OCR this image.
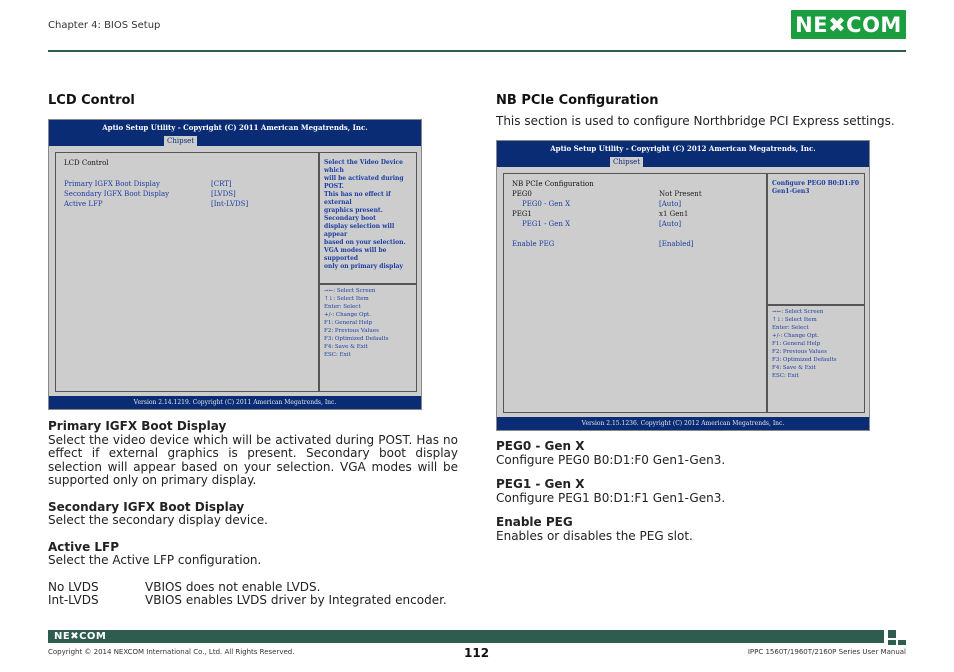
Chapter 4: BIOS Setup	NE✖COM
LCD Control
Aptio Setup Utility - Copyright (C) 2011 American Megatrends, Inc.
Chipset
LCD Control
Primary IGFX Boot Display	[CRT]
Secondary IGFX Boot Display	[LVDS]
Active LFP	[Int-LVDS]
Select the Video Device which
will be activated during POST.
This has no effect if external
graphics present. Secondary boot
display selection will appear
based on your selection.
VGA modes will be supported
only on primary display
→←: Select Screen
↑↓: Select Item
Enter: Select
+/-: Change Opt.
F1: General Help
F2: Previous Values
F3: Optimized Defaults
F4: Save & Exit
ESC: Exit
Version 2.14.1219. Copyright (C) 2011 American Megatrends, Inc.
Primary IGFX Boot Display
Select the video device which will be activated during POST. Has no effect if external graphics is present. Secondary boot display selection will appear based on your selection. VGA modes will be supported only on primary display.
Secondary IGFX Boot Display
Select the secondary display device.
Active LFP
Select the Active LFP configuration.
No LVDS	VBIOS does not enable LVDS.
Int-LVDS	VBIOS enables LVDS driver by Integrated encoder.
NB PCIe Configuration
This section is used to configure Northbridge PCI Express settings.
Aptio Setup Utility - Copyright (C) 2012 American Megatrends, Inc.
Chipset
NB PCIe Configuration
PEG0	Not Present
PEG0 - Gen X	[Auto]
PEG1	x1 Gen1
PEG1 - Gen X	[Auto]
Enable PEG	[Enabled]
Configure PEG0 B0:D1:F0
Gen1-Gen3
→←: Select Screen
↑↓: Select Item
Enter: Select
+/-: Change Opt.
F1: General Help
F2: Previous Values
F3: Optimized Defaults
F4: Save & Exit
ESC: Exit
Version 2.15.1236. Copyright (C) 2012 American Megatrends, Inc.
PEG0 - Gen X
Configure PEG0 B0:D1:F0 Gen1-Gen3.
PEG1 - Gen X
Configure PEG1 B0:D1:F1 Gen1-Gen3.
Enable PEG
Enables or disables the PEG slot.
NE✖COM
Copyright © 2014 NEXCOM International Co., Ltd. All Rights Reserved.	112	IPPC 1560T/1960T/2160P Series User Manual
